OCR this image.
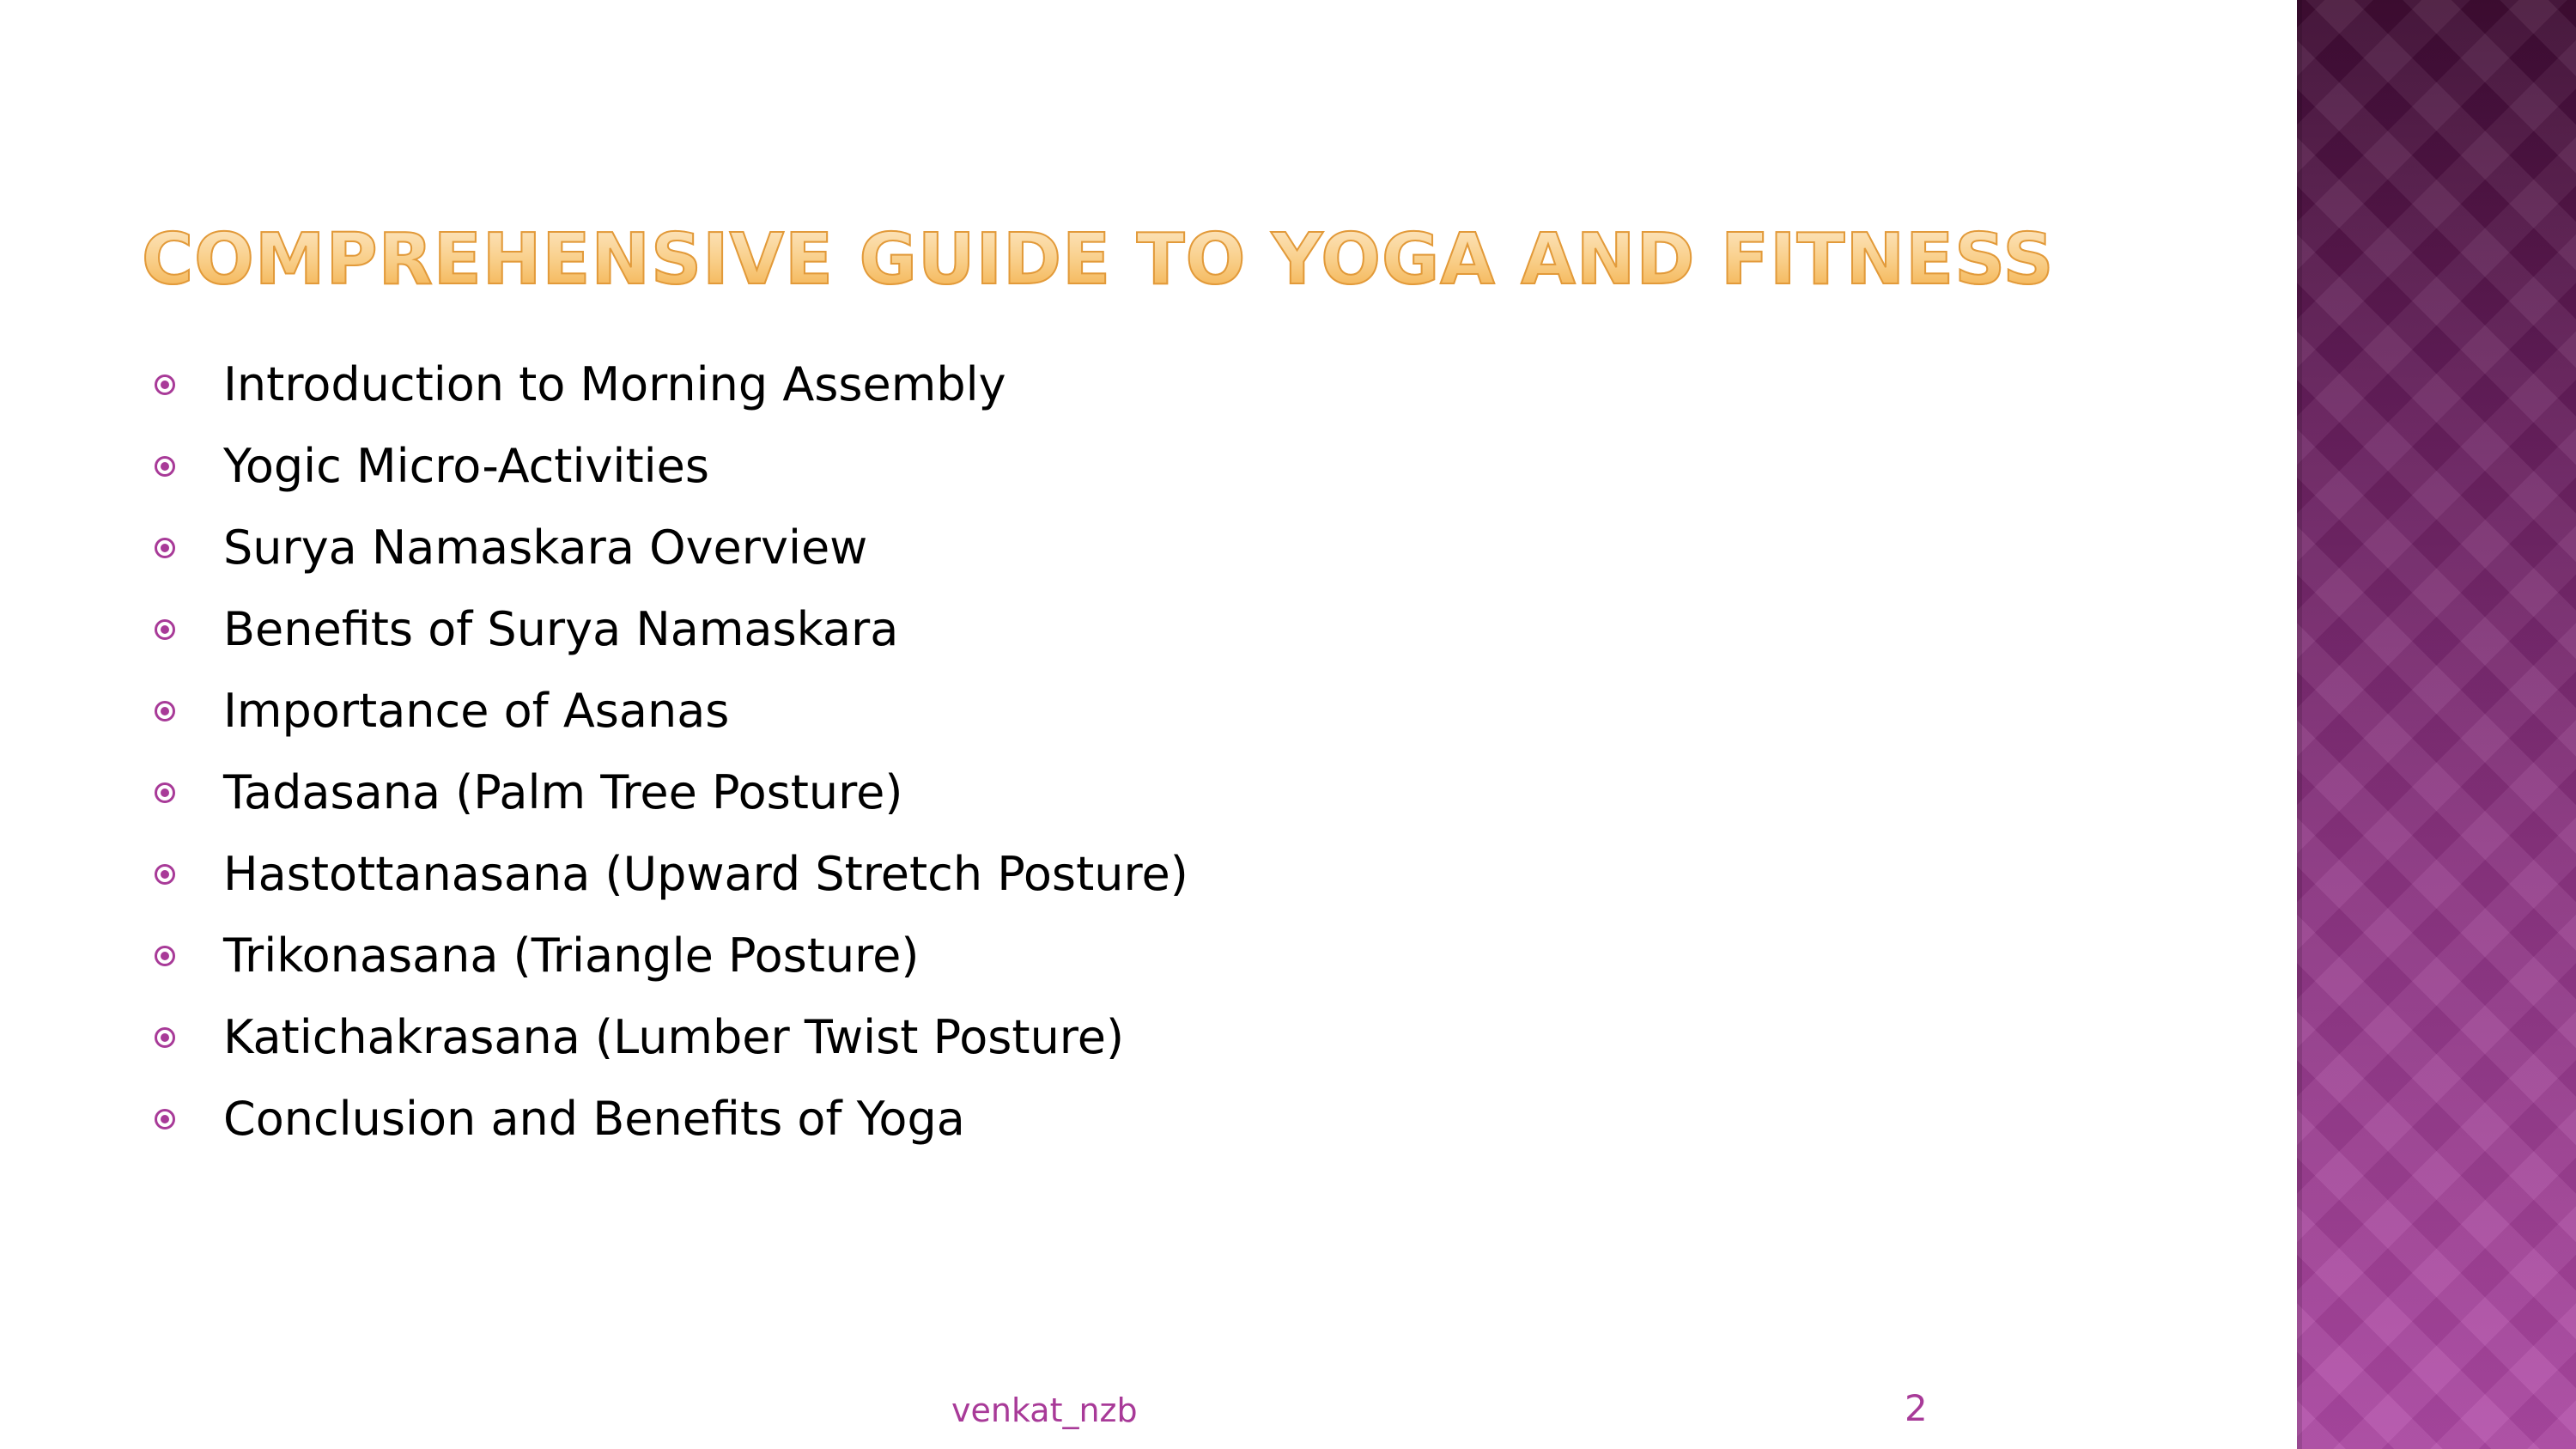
COMPREHENSIVE GUIDE TO YOGA AND FITNESS
Introduction to Morning Assembly
Yogic Micro-Activities
Surya Namaskara Overview
Benefits of Surya Namaskara
Importance of Asanas
Tadasana (Palm Tree Posture)
Hastottanasana (Upward Stretch Posture)
Trikonasana (Triangle Posture)
Katichakrasana (Lumber Twist Posture)
Conclusion and Benefits of Yoga
venkat_nzb	2
